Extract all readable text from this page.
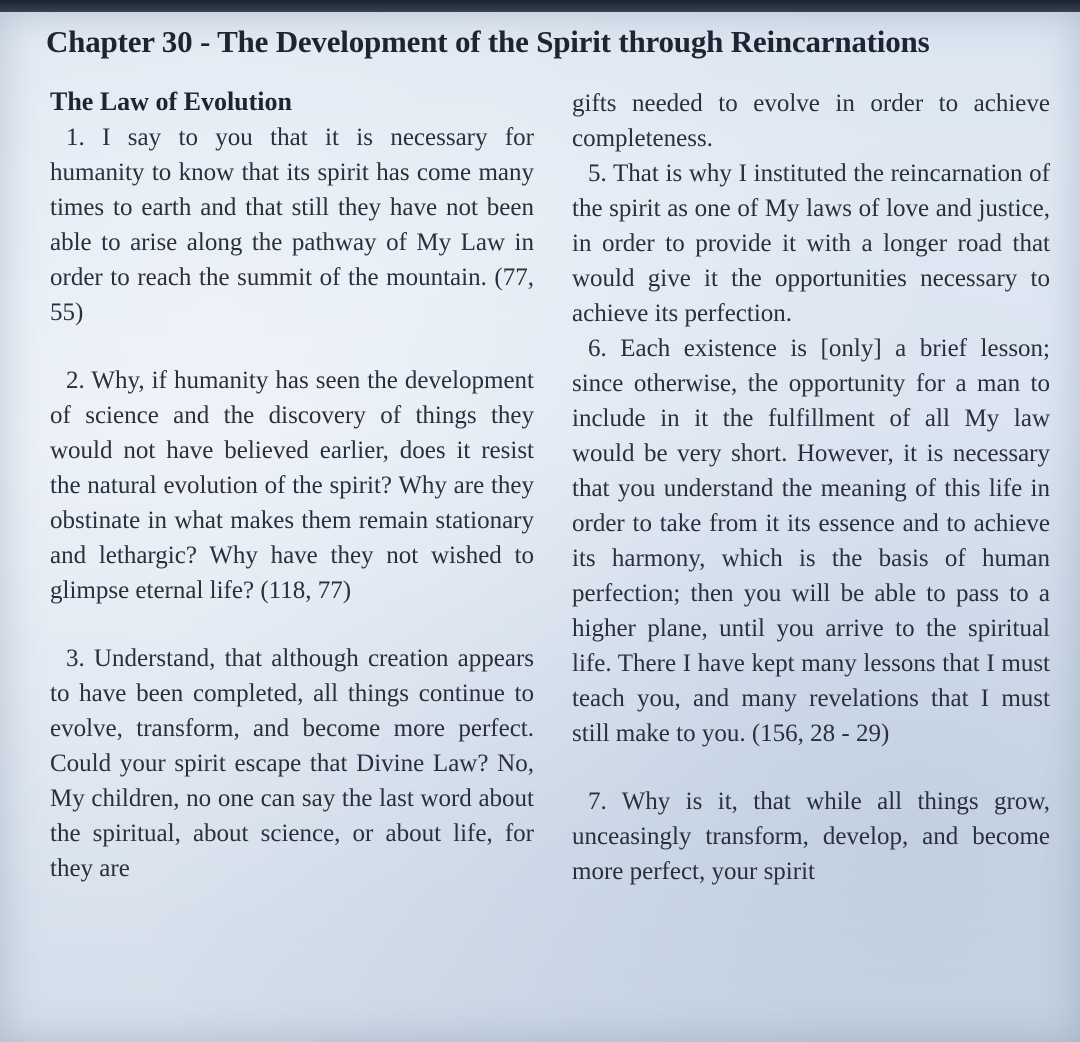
Chapter 30 - The Development of the Spirit through Reincarnations
The Law of Evolution

1. I say to you that it is necessary for humanity to know that its spirit has come many times to earth and that still they have not been able to arise along the pathway of My Law in order to reach the summit of the mountain. (77, 55)

2. Why, if humanity has seen the development of science and the discovery of things they would not have believed earlier, does it resist the natural evolution of the spirit? Why are they obstinate in what makes them remain stationary and lethargic? Why have they not wished to glimpse eternal life? (118, 77)

3. Understand, that although creation appears to have been completed, all things continue to evolve, transform, and become more perfect. Could your spirit escape that Divine Law? No, My children, no one can say the last word about the spiritual, about science, or about life, for they are

gifts needed to evolve in order to achieve completeness.

5. That is why I instituted the reincarnation of the spirit as one of My laws of love and justice, in order to provide it with a longer road that would give it the opportunities necessary to achieve its perfection.

6. Each existence is [only] a brief lesson; since otherwise, the opportunity for a man to include in it the fulfillment of all My law would be very short. However, it is necessary that you understand the meaning of this life in order to take from it its essence and to achieve its harmony, which is the basis of human perfection; then you will be able to pass to a higher plane, until you arrive to the spiritual life. There I have kept many lessons that I must teach you, and many revelations that I must still make to you. (156, 28 - 29)

7. Why is it, that while all things grow, unceasingly transform, develop, and become more perfect, your spirit
